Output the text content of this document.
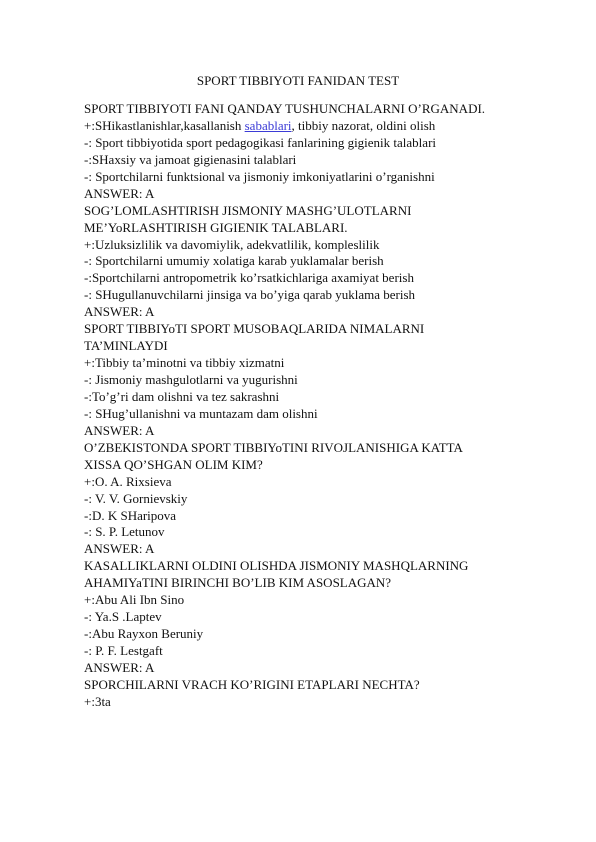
SPORT TIBBIYOTI FANIDAN TEST
SPORT TIBBIYOTI FANI QANDAY TUSHUNCHALARNI O’RGANADI.
+:SHikastlanishlar,kasallanish sabablari, tibbiy nazorat, oldini olish
-: Sport tibbiyotida sport pedagogikasi fanlarining gigienik talablari
-:SHaxsiy va jamoat gigienasini talablari
-: Sportchilarni funktsional va jismoniy imkoniyatlarini o’rganishni
ANSWER: A
SOG’LOMLASHTIRISH JISMONIY MASHG’ULOTLARNI
ME’YoRLASHTIRISH GIGIENIK TALABLARI.
+:Uzluksizlilik va davomiylik, adekvatlilik, kompleslilik
-: Sportchilarni umumiy xolatiga karab yuklamalar berish
-:Sportchilarni antropometrik ko’rsatkichlariga axamiyat berish
-: SHugullanuvchilarni jinsiga va bo’yiga qarab yuklama berish
ANSWER: A
SPORT TIBBIYoTI SPORT MUSOBAQLARIDA NIMALARNI
TA’MINLAYDI
+:Tibbiy ta’minotni va tibbiy xizmatni
-: Jismoniy mashgulotlarni va yugurishni
-:To’g’ri dam olishni va tez sakrashni
-: SHug’ullanishni va muntazam dam olishni
ANSWER: A
O’ZBEKISTONDA SPORT TIBBIYoTINI RIVOJLANISHIGA KATTA
XISSA QO’SHGAN OLIM KIM?
+:O. A. Rixsieva
-: V. V. Gornievskiy
-:D. K SHaripova
-: S. P. Letunov
ANSWER: A
KASALLIKLARNI OLDINI OLISHDA JISMONIY MASHQLARNING
AHAMIYaTINI BIRINCHI BO’LIB KIM ASOSLAGAN?
+:Abu Ali Ibn Sino
-: Ya.S .Laptev
-:Abu Rayxon Beruniy
-: P. F. Lestgaft
ANSWER: A
SPORCHILARNI VRACH KO’RIGINI ETAPLARI NECHTA?
+:3ta
